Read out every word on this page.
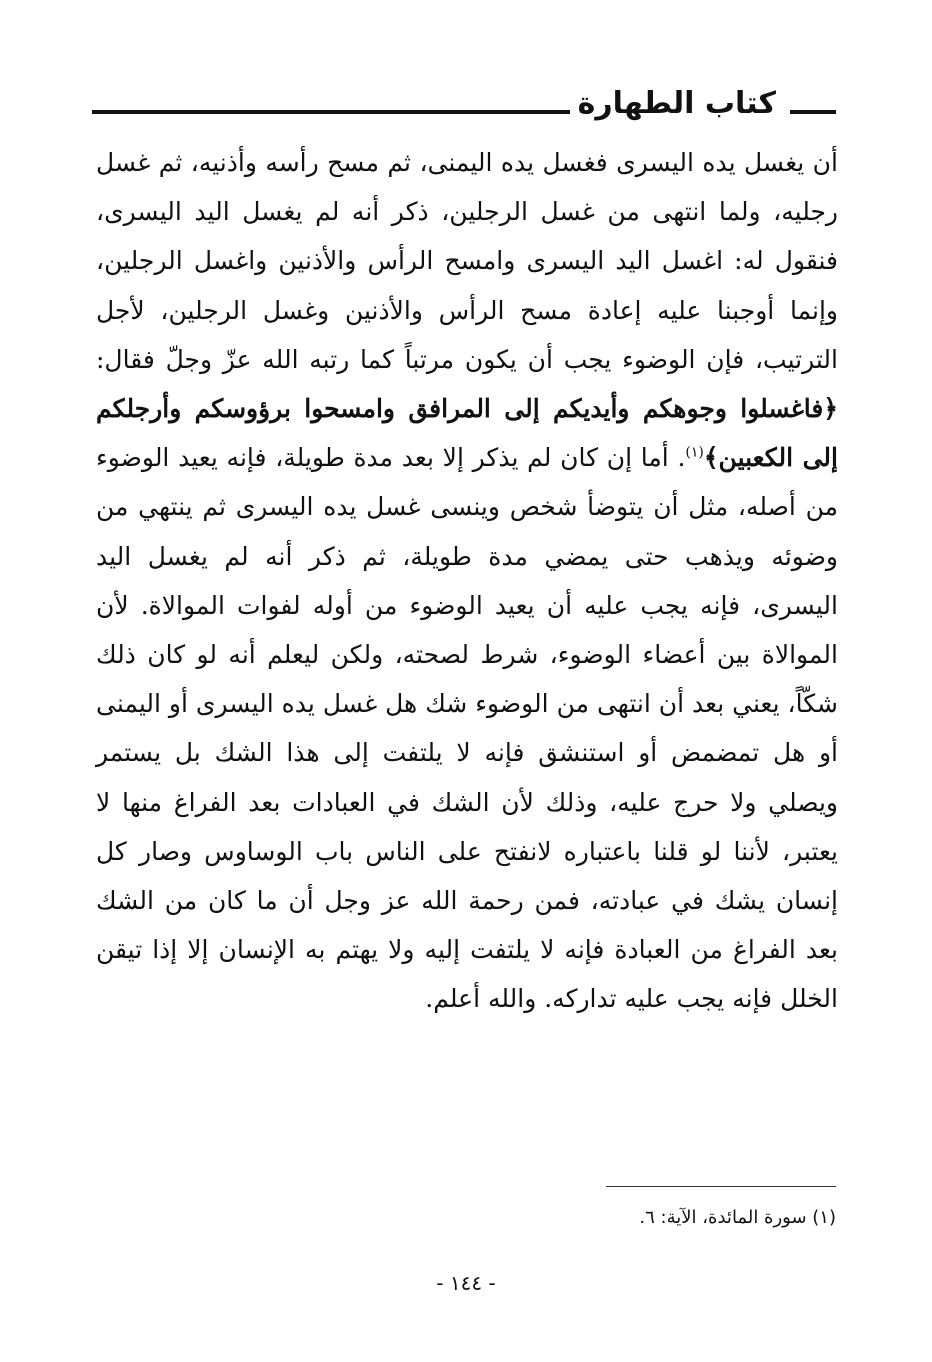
كتاب الطهارة
أن يغسل يده اليسرى فغسل يده اليمنى، ثم مسح رأسه وأذنيه، ثم غسل رجليه، ولما انتهى من غسل الرجلين، ذكر أنه لم يغسل اليد اليسرى، فنقول له: اغسل اليد اليسرى وامسح الرأس والأذنين واغسل الرجلين، وإنما أوجبنا عليه إعادة مسح الرأس والأذنين وغسل الرجلين، لأجل الترتيب، فإن الوضوء يجب أن يكون مرتباً كما رتبه الله عزّ وجلّ فقال: ﴿فاغسلوا وجوهكم وأيديكم إلى المرافق وامسحوا برؤوسكم وأرجلكم إلى الكعبين﴾$^{(١)}$. أما إن كان لم يذكر إلا بعد مدة طويلة، فإنه يعيد الوضوء من أصله، مثل أن يتوضأ شخص وينسى غسل يده اليسرى ثم ينتهي من وضوئه ويذهب حتى يمضي مدة طويلة، ثم ذكر أنه لم يغسل اليد اليسرى، فإنه يجب عليه أن يعيد الوضوء من أوله لفوات الموالاة. لأن الموالاة بين أعضاء الوضوء، شرط لصحته، ولكن ليعلم أنه لو كان ذلك شكّاً، يعني بعد أن انتهى من الوضوء شك هل غسل يده اليسرى أو اليمنى أو هل تمضمض أو استنشق فإنه لا يلتفت إلى هذا الشك بل يستمر ويصلي ولا حرج عليه، وذلك لأن الشك في العبادات بعد الفراغ منها لا يعتبر، لأننا لو قلنا باعتباره لانفتح على الناس باب الوساوس وصار كل إنسان يشك في عبادته، فمن رحمة الله عز وجل أن ما كان من الشك بعد الفراغ من العبادة فإنه لا يلتفت إليه ولا يهتم به الإنسان إلا إذا تيقن الخلل فإنه يجب عليه تداركه. والله أعلم.
(١) سورة المائدة، الآية: ٦.
- ١٤٤ -
